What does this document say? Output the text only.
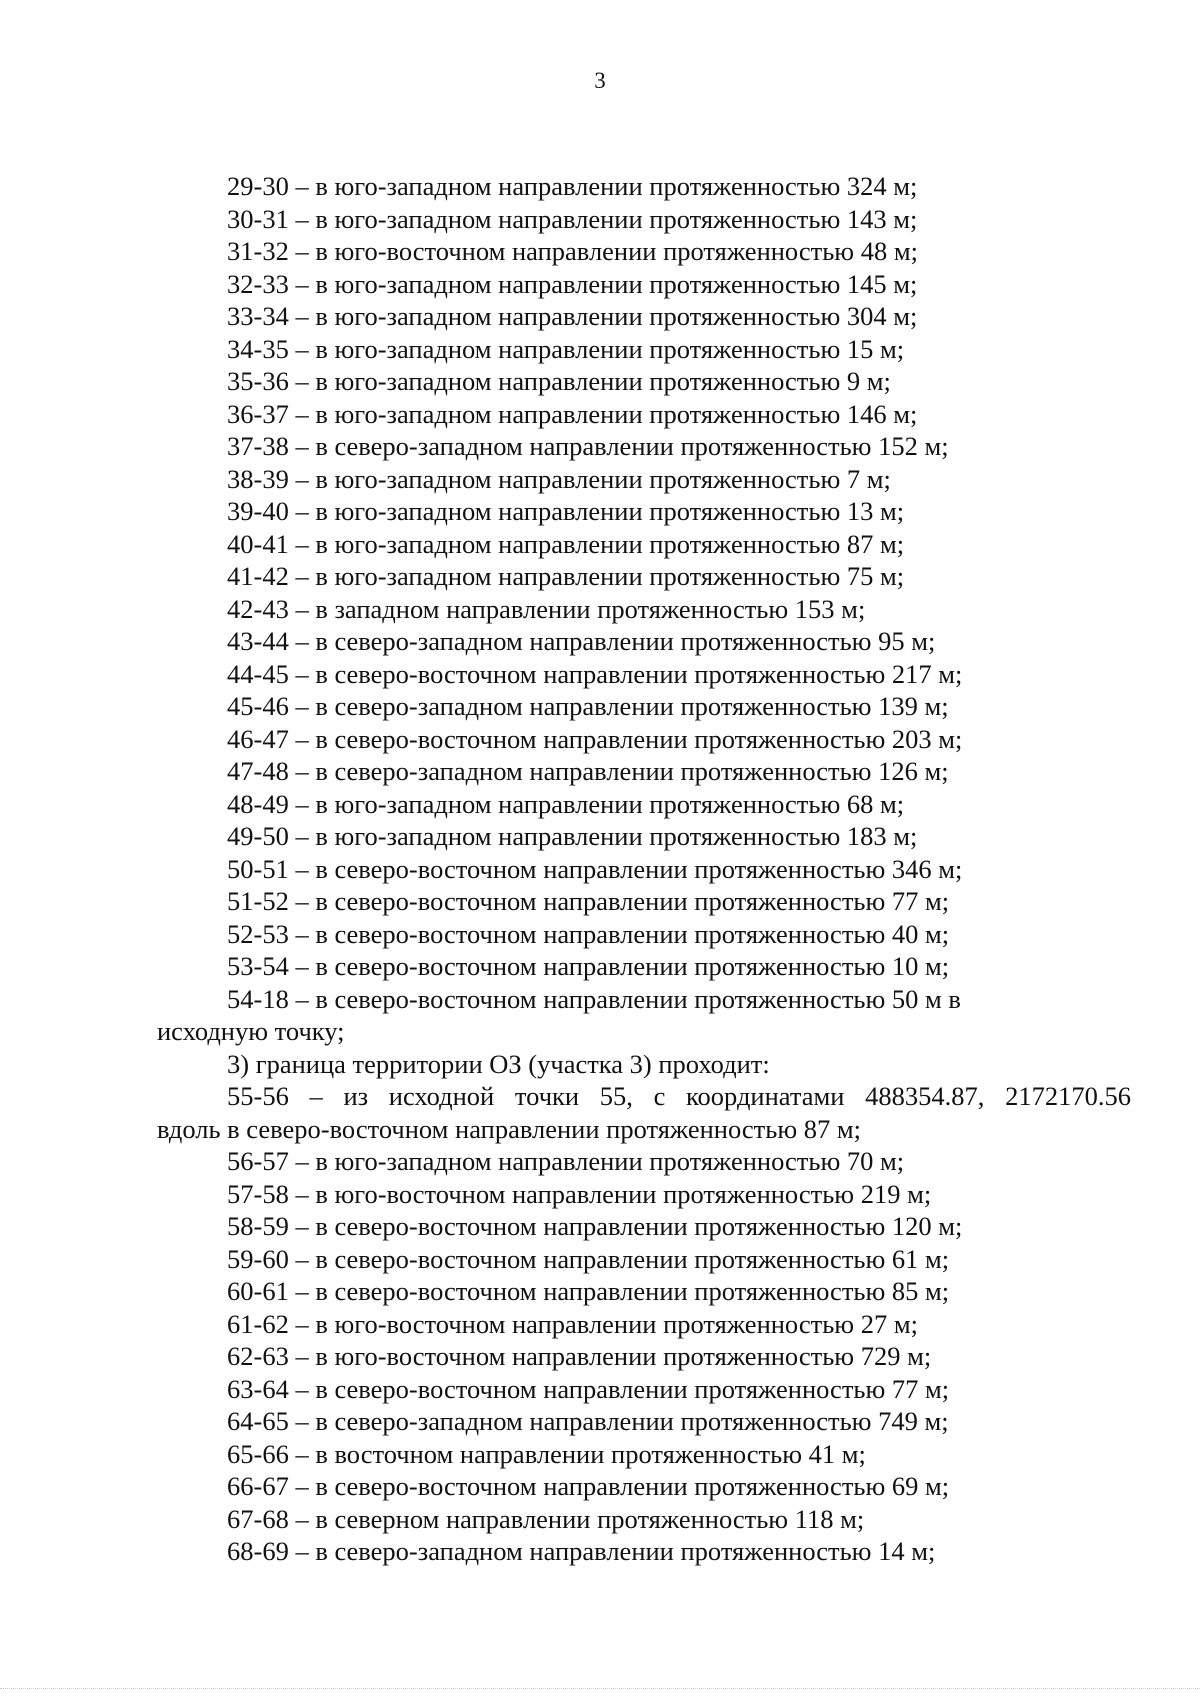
3
29-30 – в юго-западном направлении протяженностью 324 м;
30-31 – в юго-западном направлении протяженностью 143 м;
31-32 – в юго-восточном направлении протяженностью 48 м;
32-33 – в юго-западном направлении протяженностью 145 м;
33-34 – в юго-западном направлении протяженностью 304 м;
34-35 – в юго-западном направлении протяженностью 15 м;
35-36 – в юго-западном направлении протяженностью 9 м;
36-37 – в юго-западном направлении протяженностью 146 м;
37-38 – в северо-западном направлении протяженностью 152 м;
38-39 – в юго-западном направлении протяженностью 7 м;
39-40 – в юго-западном направлении протяженностью 13 м;
40-41 – в юго-западном направлении протяженностью 87 м;
41-42 – в юго-западном направлении протяженностью 75 м;
42-43 – в западном направлении протяженностью 153 м;
43-44 – в северо-западном направлении протяженностью 95 м;
44-45 – в северо-восточном направлении протяженностью 217 м;
45-46 – в северо-западном направлении протяженностью 139 м;
46-47 – в северо-восточном направлении протяженностью 203 м;
47-48 – в северо-западном направлении протяженностью 126 м;
48-49 – в юго-западном направлении протяженностью 68 м;
49-50 – в юго-западном направлении протяженностью 183 м;
50-51 – в северо-восточном направлении протяженностью 346 м;
51-52 – в северо-восточном направлении протяженностью 77 м;
52-53 – в северо-восточном направлении протяженностью 40 м;
53-54 – в северо-восточном направлении протяженностью 10 м;
54-18 – в северо-восточном направлении протяженностью 50 м в
исходную точку;
3) граница территории ОЗ (участка 3) проходит:
55-56 – из исходной точки 55, с координатами 488354.87, 2172170.56
вдоль в северо-восточном направлении протяженностью 87 м;
56-57 – в юго-западном направлении протяженностью 70 м;
57-58 – в юго-восточном направлении протяженностью 219 м;
58-59 – в северо-восточном направлении протяженностью 120 м;
59-60 – в северо-восточном направлении протяженностью 61 м;
60-61 – в северо-восточном направлении протяженностью 85 м;
61-62 – в юго-восточном направлении протяженностью 27 м;
62-63 – в юго-восточном направлении протяженностью 729 м;
63-64 – в северо-восточном направлении протяженностью 77 м;
64-65 – в северо-западном направлении протяженностью 749 м;
65-66 – в восточном направлении протяженностью 41 м;
66-67 – в северо-восточном направлении протяженностью 69 м;
67-68 – в северном направлении протяженностью 118 м;
68-69 – в северо-западном направлении протяженностью 14 м;
